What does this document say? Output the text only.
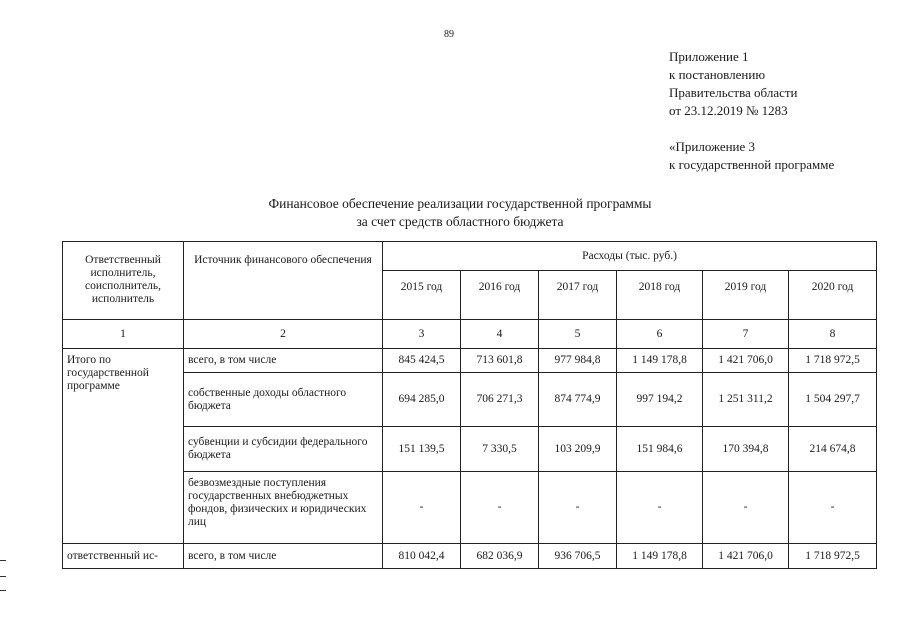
89
Приложение 1
к постановлению
Правительства области
от 23.12.2019 № 1283
«Приложение 3
к государственной программе
Финансовое обеспечение реализации государственной программы
за счет средств областного бюджета
Ответственный исполнитель, соисполнитель, исполнитель	Источник финансового обеспечения	Расходы (тыс. руб.)					
		2015 год	2016 год	2017 год	2018 год	2019 год	2020 год
1	2	3	4	5	6	7	8
Итого по государственной программе	всего, в том числе	845 424,5	713 601,8	977 984,8	1 149 178,8	1 421 706,0	1 718 972,5
	собственные доходы областного бюджета	694 285,0	706 271,3	874 774,9	997 194,2	1 251 311,2	1 504 297,7
	субвенции и субсидии федерального бюджета	151 139,5	7 330,5	103 209,9	151 984,6	170 394,8	214 674,8
	безвозмездные поступления государственных внебюджетных фондов, физических и юридических лиц	-	-	-	-	-	-
ответственный ис-	всего, в том числе	810 042,4	682 036,9	936 706,5	1 149 178,8	1 421 706,0	1 718 972,5
